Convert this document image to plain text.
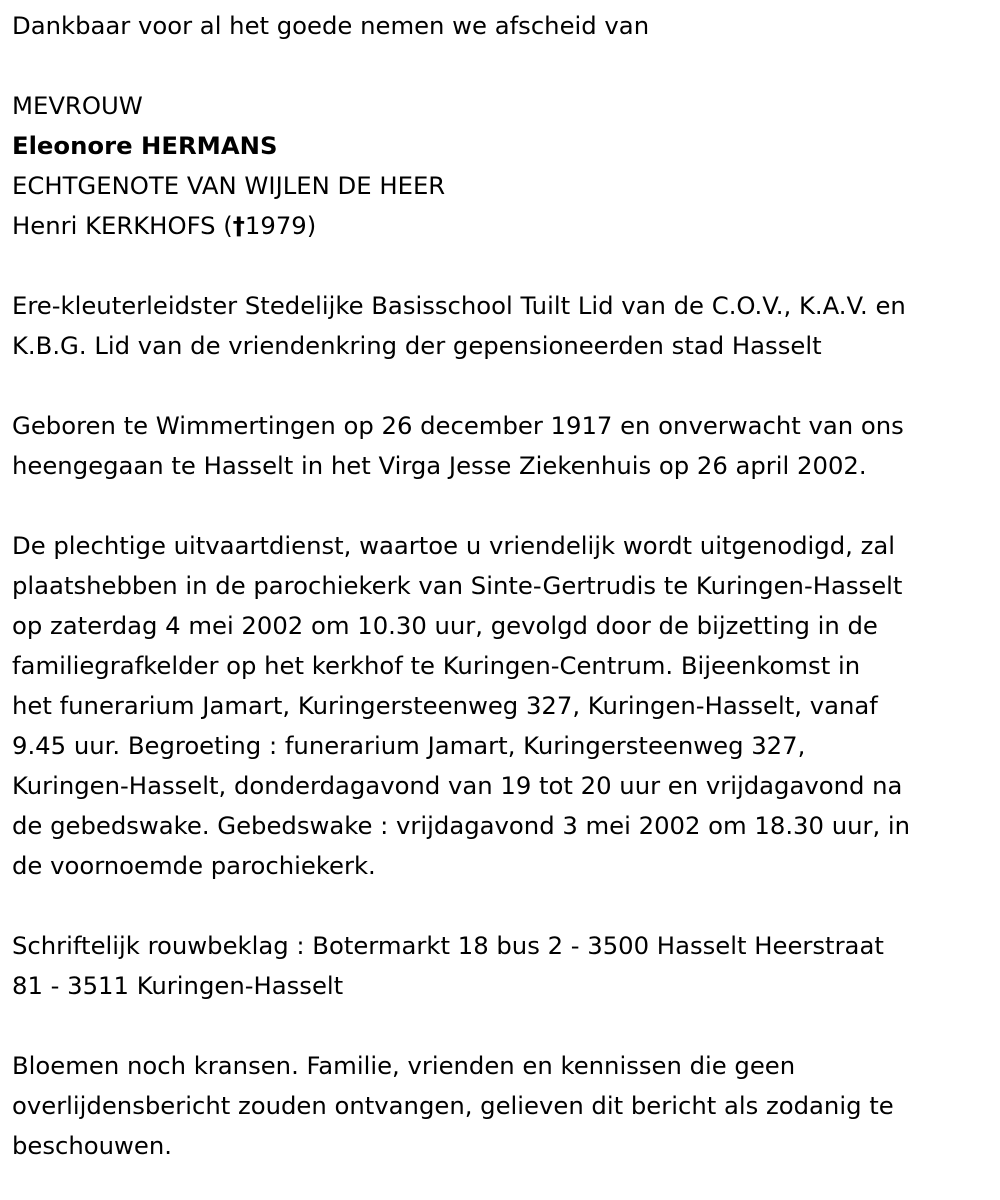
Dankbaar voor al het goede nemen we afscheid van
MEVROUW
Eleonore HERMANS
ECHTGENOTE VAN WIJLEN DE HEER
Henri KERKHOFS (†1979)
Ere-kleuterleidster Stedelijke Basisschool Tuilt Lid van de C.O.V., K.A.V. en
K.B.G. Lid van de vriendenkring der gepensioneerden stad Hasselt
Geboren te Wimmertingen op 26 december 1917 en onverwacht van ons
heengegaan te Hasselt in het Virga Jesse Ziekenhuis op 26 april 2002.
De plechtige uitvaartdienst, waartoe u vriendelijk wordt uitgenodigd, zal
plaatshebben in de parochiekerk van Sinte-Gertrudis te Kuringen-Hasselt
op zaterdag 4 mei 2002 om 10.30 uur, gevolgd door de bijzetting in de
familiegrafkelder op het kerkhof te Kuringen-Centrum. Bijeenkomst in
het funerarium Jamart, Kuringersteenweg 327, Kuringen-Hasselt, vanaf
9.45 uur. Begroeting : funerarium Jamart, Kuringersteenweg 327,
Kuringen-Hasselt, donderdagavond van 19 tot 20 uur en vrijdagavond na
de gebedswake. Gebedswake : vrijdagavond 3 mei 2002 om 18.30 uur, in
de voornoemde parochiekerk.
Schriftelijk rouwbeklag : Botermarkt 18 bus 2 - 3500 Hasselt Heerstraat
81 - 3511 Kuringen-Hasselt
Bloemen noch kransen. Familie, vrienden en kennissen die geen
overlijdensbericht zouden ontvangen, gelieven dit bericht als zodanig te
beschouwen.
